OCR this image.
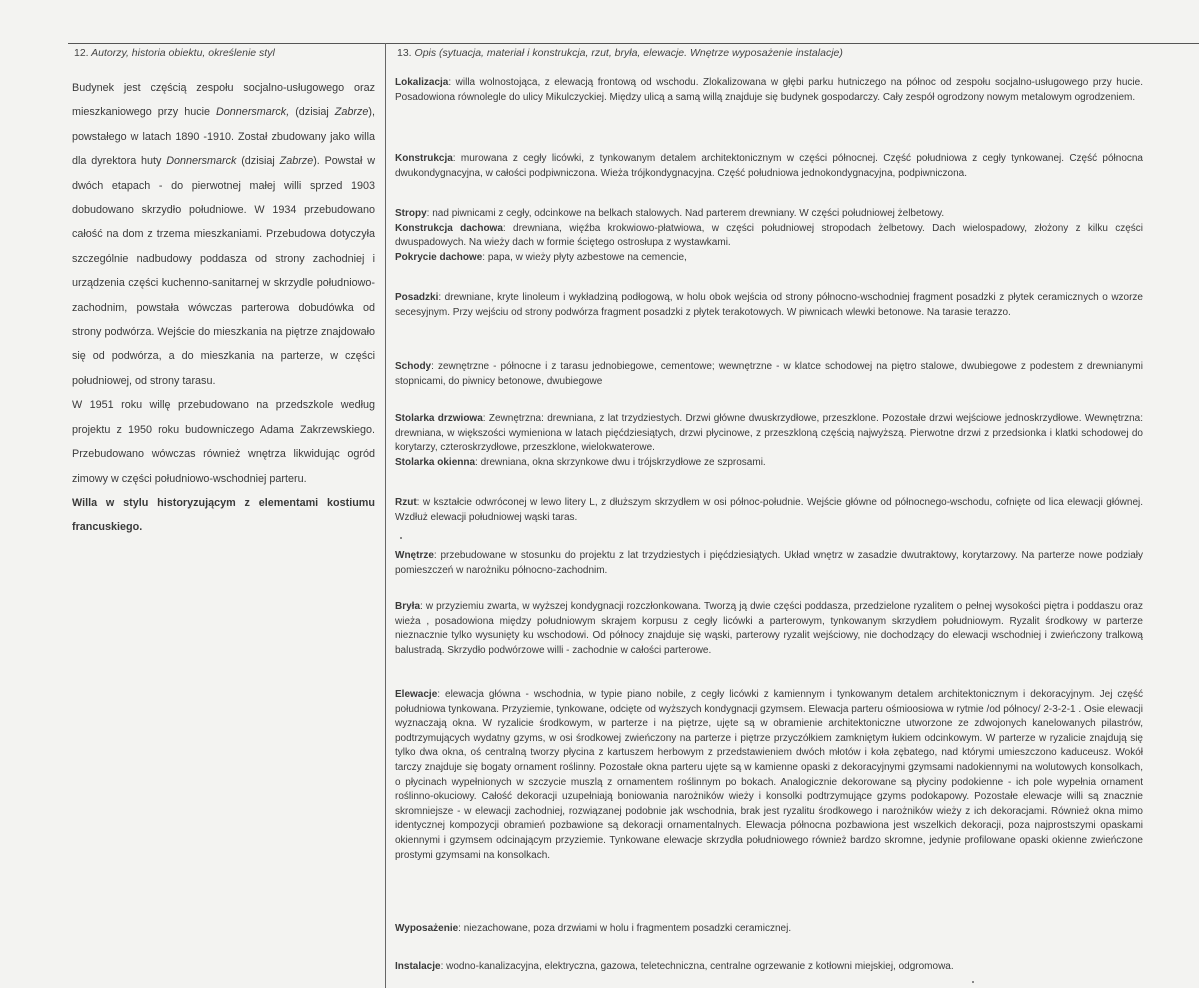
12. Autorzy, historia obiektu, określenie styl

Budynek jest częścią zespołu socjalno-usługowego oraz mieszkaniowego przy hucie Donnersmarck, (dzisiaj Zabrze), powstałego w latach 1890 -1910. Został zbudowany jako willa dla dyrektora huty Donnersmarck (dzisiaj Zabrze). Powstał w dwóch etapach - do pierwotnej małej willi sprzed 1903 dobudowano skrzydło południowe. W 1934 przebudowano całość na dom z trzema mieszkaniami. Przebudowa dotyczyła szczególnie nadbudowy poddasza od strony zachodniej i urządzenia części kuchenno-sanitarnej w skrzydle południowo-zachodnim, powstała wówczas parterowa dobudówka od strony podwórza. Wejście do mieszkania na piętrze znajdowało się od podwórza, a do mieszkania na parterze, w części południowej, od strony tarasu.

W 1951 roku willę przebudowano na przedszkole według projektu z 1950 roku budowniczego Adama Zakrzewskiego. Przebudowano wówczas również wnętrza likwidując ogród zimowy w części południowo-wschodniej parteru.

Willa w stylu historyzującym z elementami kostiumu francuskiego.

13. Opis (sytuacja, materiał i konstrukcja, rzut, bryła, elewacje. Wnętrze wyposażenie instalacje)

Lokalizacja: willa wolnostojąca, z elewacją frontową od wschodu. Zlokalizowana w głębi parku hutniczego na północ od zespołu socjalno-usługowego przy hucie. Posadowiona równolegle do ulicy Mikulczyckiej. Między ulicą a samą willą znajduje się budynek gospodarczy. Cały zespół ogrodzony nowym metalowym ogrodzeniem.

Konstrukcja: murowana z cegły licówki, z tynkowanym detalem architektonicznym w części północnej. Część południowa z cegły tynkowanej. Część północna dwukondygnacyjna, w całości podpiwniczona. Wieża trójkondygnacyjna. Część południowa jednokondygnacyjna, podpiwniczona.

Stropy: nad piwnicami z cegły, odcinkowe na belkach stalowych. Nad parterem drewniany. W części południowej żelbetowy.

Konstrukcja dachowa: drewniana, więźba krokwiowo-płatwiowa, w części południowej stropodach żelbetowy. Dach wielospadowy, złożony z kilku części dwuspadowych. Na wieży dach w formie ściętego ostrosłupa z wystawkami.

Pokrycie dachowe: papa, w wieży płyty azbestowe na cemencie,

Posadzki: drewniane, kryte linoleum i wykładziną podłogową, w holu obok wejścia od strony północno-wschodniej fragment posadzki z płytek ceramicznych o wzorze secesyjnym. Przy wejściu od strony podwórza fragment posadzki z płytek terakotowych. W piwnicach wlewki betonowe. Na tarasie terazzo.

Schody: zewnętrzne - północne i z tarasu jednobiegowe, cementowe; wewnętrzne - w klatce schodowej na piętro stalowe, dwubiegowe z podestem z drewnianymi stopnicami, do piwnicy betonowe, dwubiegowe

Stolarka drzwiowa: Zewnętrzna: drewniana, z lat trzydziestych. Drzwi główne dwuskrzydłowe, przeszklone. Pozostałe drzwi wejściowe jednoskrzydłowe. Wewnętrzna: drewniana, w większości wymieniona w latach pięćdziesiątych, drzwi płycinowe, z przeszkloną częścią najwyższą. Pierwotne drzwi z przedsionka i klatki schodowej do korytarzy, czteroskrzydłowe, przeszklone, wielokwaterowe.

Stolarka okienna: drewniana, okna skrzynkowe dwu i trójskrzydłowe ze szprosami.

Rzut: w kształcie odwróconej w lewo litery L, z dłuższym skrzydłem w osi północ-południe. Wejście główne od północnego-wschodu, cofnięte od lica elewacji głównej. Wzdłuż elewacji południowej wąski taras.

Wnętrze: przebudowane w stosunku do projektu z lat trzydziestych i pięćdziesiątych. Układ wnętrz w zasadzie dwutraktowy, korytarzowy. Na parterze nowe podziały pomieszczeń w narożniku północno-zachodnim.

Bryła: w przyziemiu zwarta, w wyższej kondygnacji rozczłonkowana. Tworzą ją dwie części poddasza, przedzielone ryzalitem o pełnej wysokości piętra i poddaszu oraz wieża , posadowiona między południowym skrajem korpusu z cegły licówki a parterowym, tynkowanym skrzydłem południowym. Ryzalit środkowy w parterze nieznacznie tylko wysunięty ku wschodowi. Od północy znajduje się wąski, parterowy ryzalit wejściowy, nie dochodzący do elewacji wschodniej i zwieńczony tralkową balustradą. Skrzydło podwórzowe willi - zachodnie w całości parterowe.

Elewacje: elewacja główna - wschodnia, w typie piano nobile, z cegły licówki z kamiennym i tynkowanym detalem architektonicznym i dekoracyjnym. Jej część południowa tynkowana. Przyziemie, tynkowane, odcięte od wyższych kondygnacji gzymsem. Elewacja parteru ośmioosiowa w rytmie /od północy/ 2-3-2-1 . Osie elewacji wyznaczają okna. W ryzalicie środkowym, w parterze i na piętrze, ujęte są w obramienie architektoniczne utworzone ze zdwojonych kanelowanych pilastrów, podtrzymujących wydatny gzyms, w osi środkowej zwieńczony na parterze i piętrze przyczółkiem zamkniętym łukiem odcinkowym. W parterze w ryzalicie znajdują się tylko dwa okna, oś centralną tworzy płycina z kartuszem herbowym z przedstawieniem dwóch młotów i koła zębatego, nad którymi umieszczono kaduceusz. Wokół tarczy znajduje się bogaty ornament roślinny. Pozostałe okna parteru ujęte są w kamienne opaski z dekoracyjnymi gzymsami nadokiennymi na wolutowych konsolkach, o płycinach wypełnionych w szczycie muszlą z ornamentem roślinnym po bokach. Analogicznie dekorowane są płyciny podokienne - ich pole wypełnia ornament roślinno-okuciowy. Całość dekoracji uzupełniają boniowania narożników wieży i konsolki podtrzymujące gzyms podokapowy. Pozostałe elewacje willi są znacznie skromniejsze - w elewacji zachodniej, rozwiązanej podobnie jak wschodnia, brak jest ryzalitu środkowego i narożników wieży z ich dekoracjami. Również okna mimo identycznej kompozycji obramień pozbawione są dekoracji ornamentalnych. Elewacja północna pozbawiona jest wszelkich dekoracji, poza najprostszymi opaskami okiennymi i gzymsem odcinającym przyziemie. Tynkowane elewacje skrzydła południowego również bardzo skromne, jedynie profilowane opaski okienne zwieńczone prostymi gzymsami na konsolkach.

Wyposażenie: niezachowane, poza drzwiami w holu i fragmentem posadzki ceramicznej.

Instalacje: wodno-kanalizacyjna, elektryczna, gazowa, teletechniczna, centralne ogrzewanie z kotłowni miejskiej, odgromowa.
